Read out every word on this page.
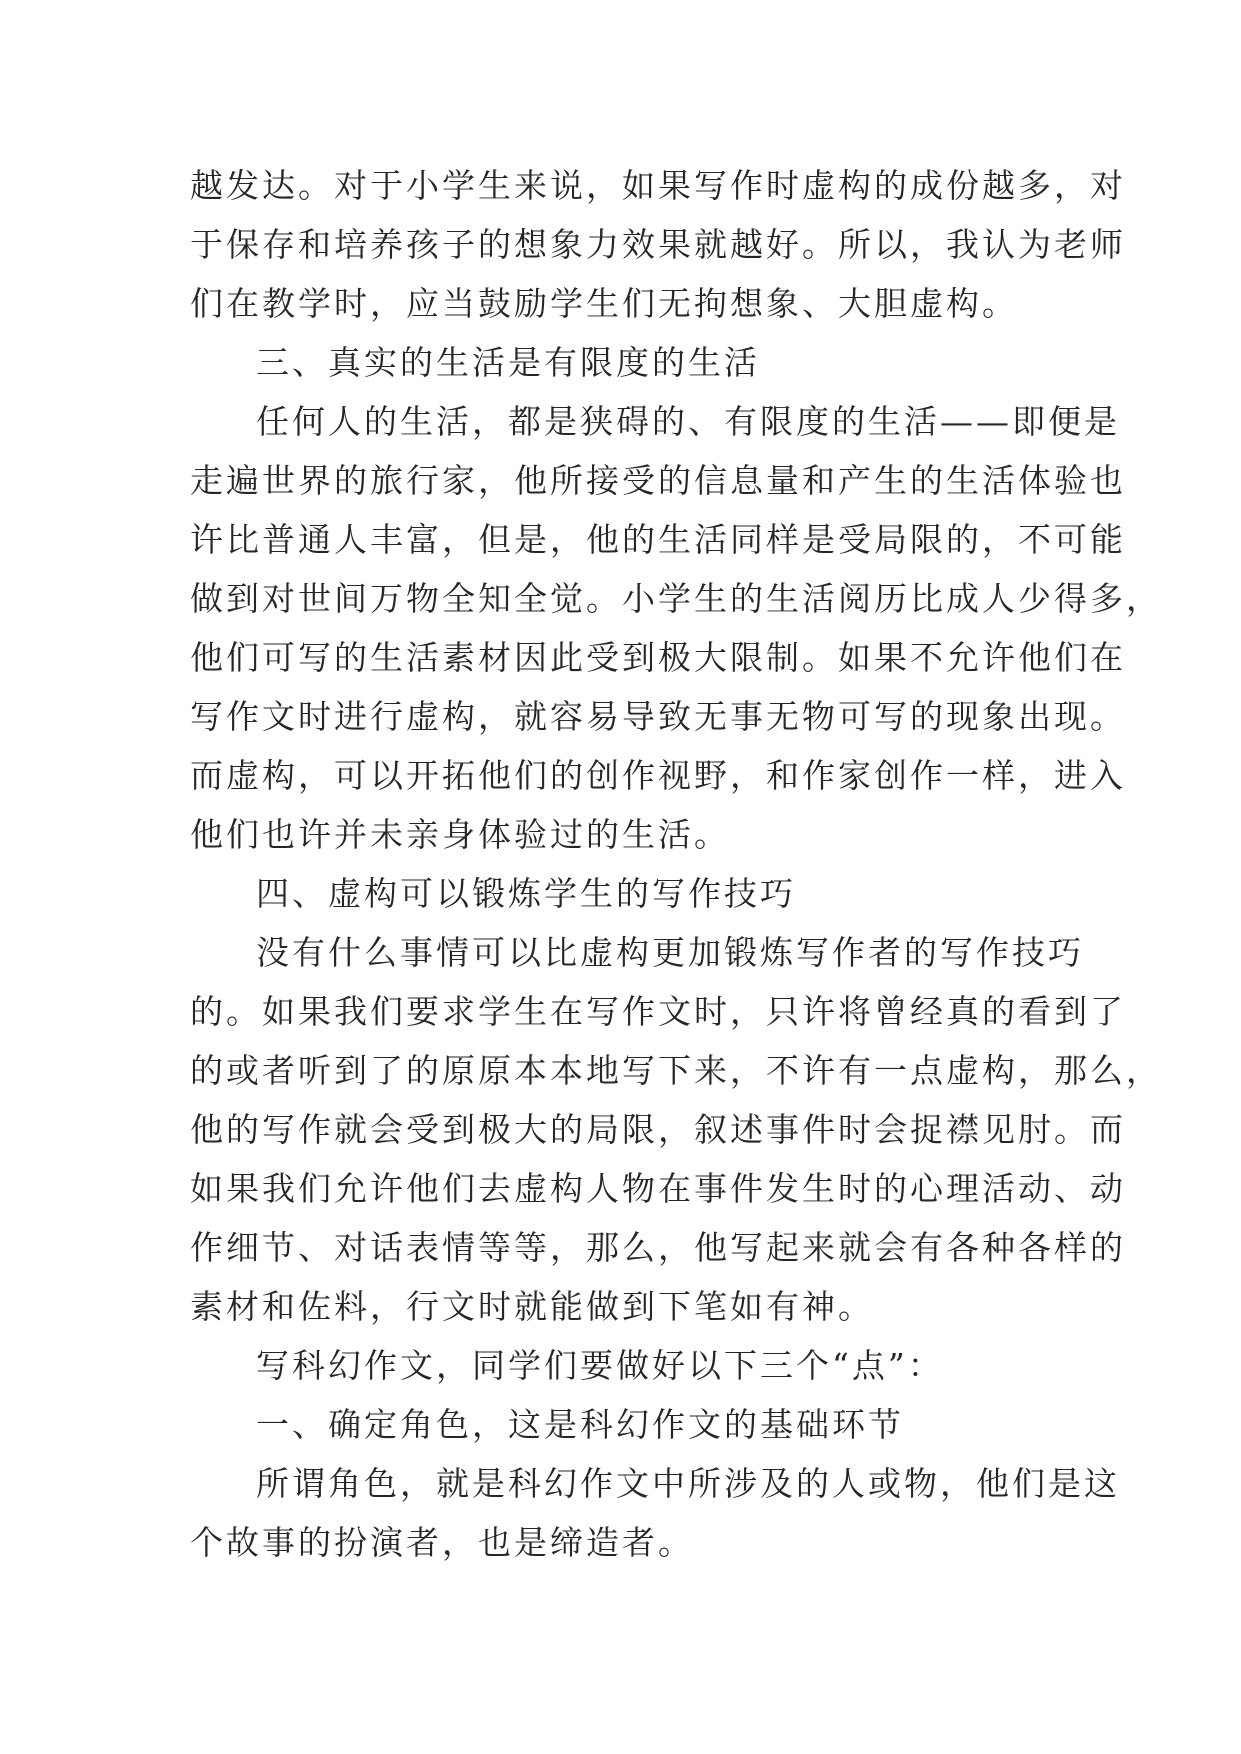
越发达。对于小学生来说，如果写作时虚构的成份越多，对
于保存和培养孩子的想象力效果就越好。所以，我认为老师
们在教学时，应当鼓励学生们无拘想象、大胆虚构。
三、真实的生活是有限度的生活
任何人的生活，都是狭碍的、有限度的生活——即便是
走遍世界的旅行家，他所接受的信息量和产生的生活体验也
许比普通人丰富，但是，他的生活同样是受局限的，不可能
做到对世间万物全知全觉。小学生的生活阅历比成人少得多，
他们可写的生活素材因此受到极大限制。如果不允许他们在
写作文时进行虚构，就容易导致无事无物可写的现象出现。
而虚构，可以开拓他们的创作视野，和作家创作一样，进入
他们也许并未亲身体验过的生活。
四、虚构可以锻炼学生的写作技巧
没有什么事情可以比虚构更加锻炼写作者的写作技巧
的。如果我们要求学生在写作文时，只许将曾经真的看到了
的或者听到了的原原本本地写下来，不许有一点虚构，那么，
他的写作就会受到极大的局限，叙述事件时会捉襟见肘。而
如果我们允许他们去虚构人物在事件发生时的心理活动、动
作细节、对话表情等等，那么，他写起来就会有各种各样的
素材和佐料，行文时就能做到下笔如有神。
写科幻作文，同学们要做好以下三个“点”：
一、确定角色，这是科幻作文的基础环节
所谓角色，就是科幻作文中所涉及的人或物，他们是这
个故事的扮演者，也是缔造者。
